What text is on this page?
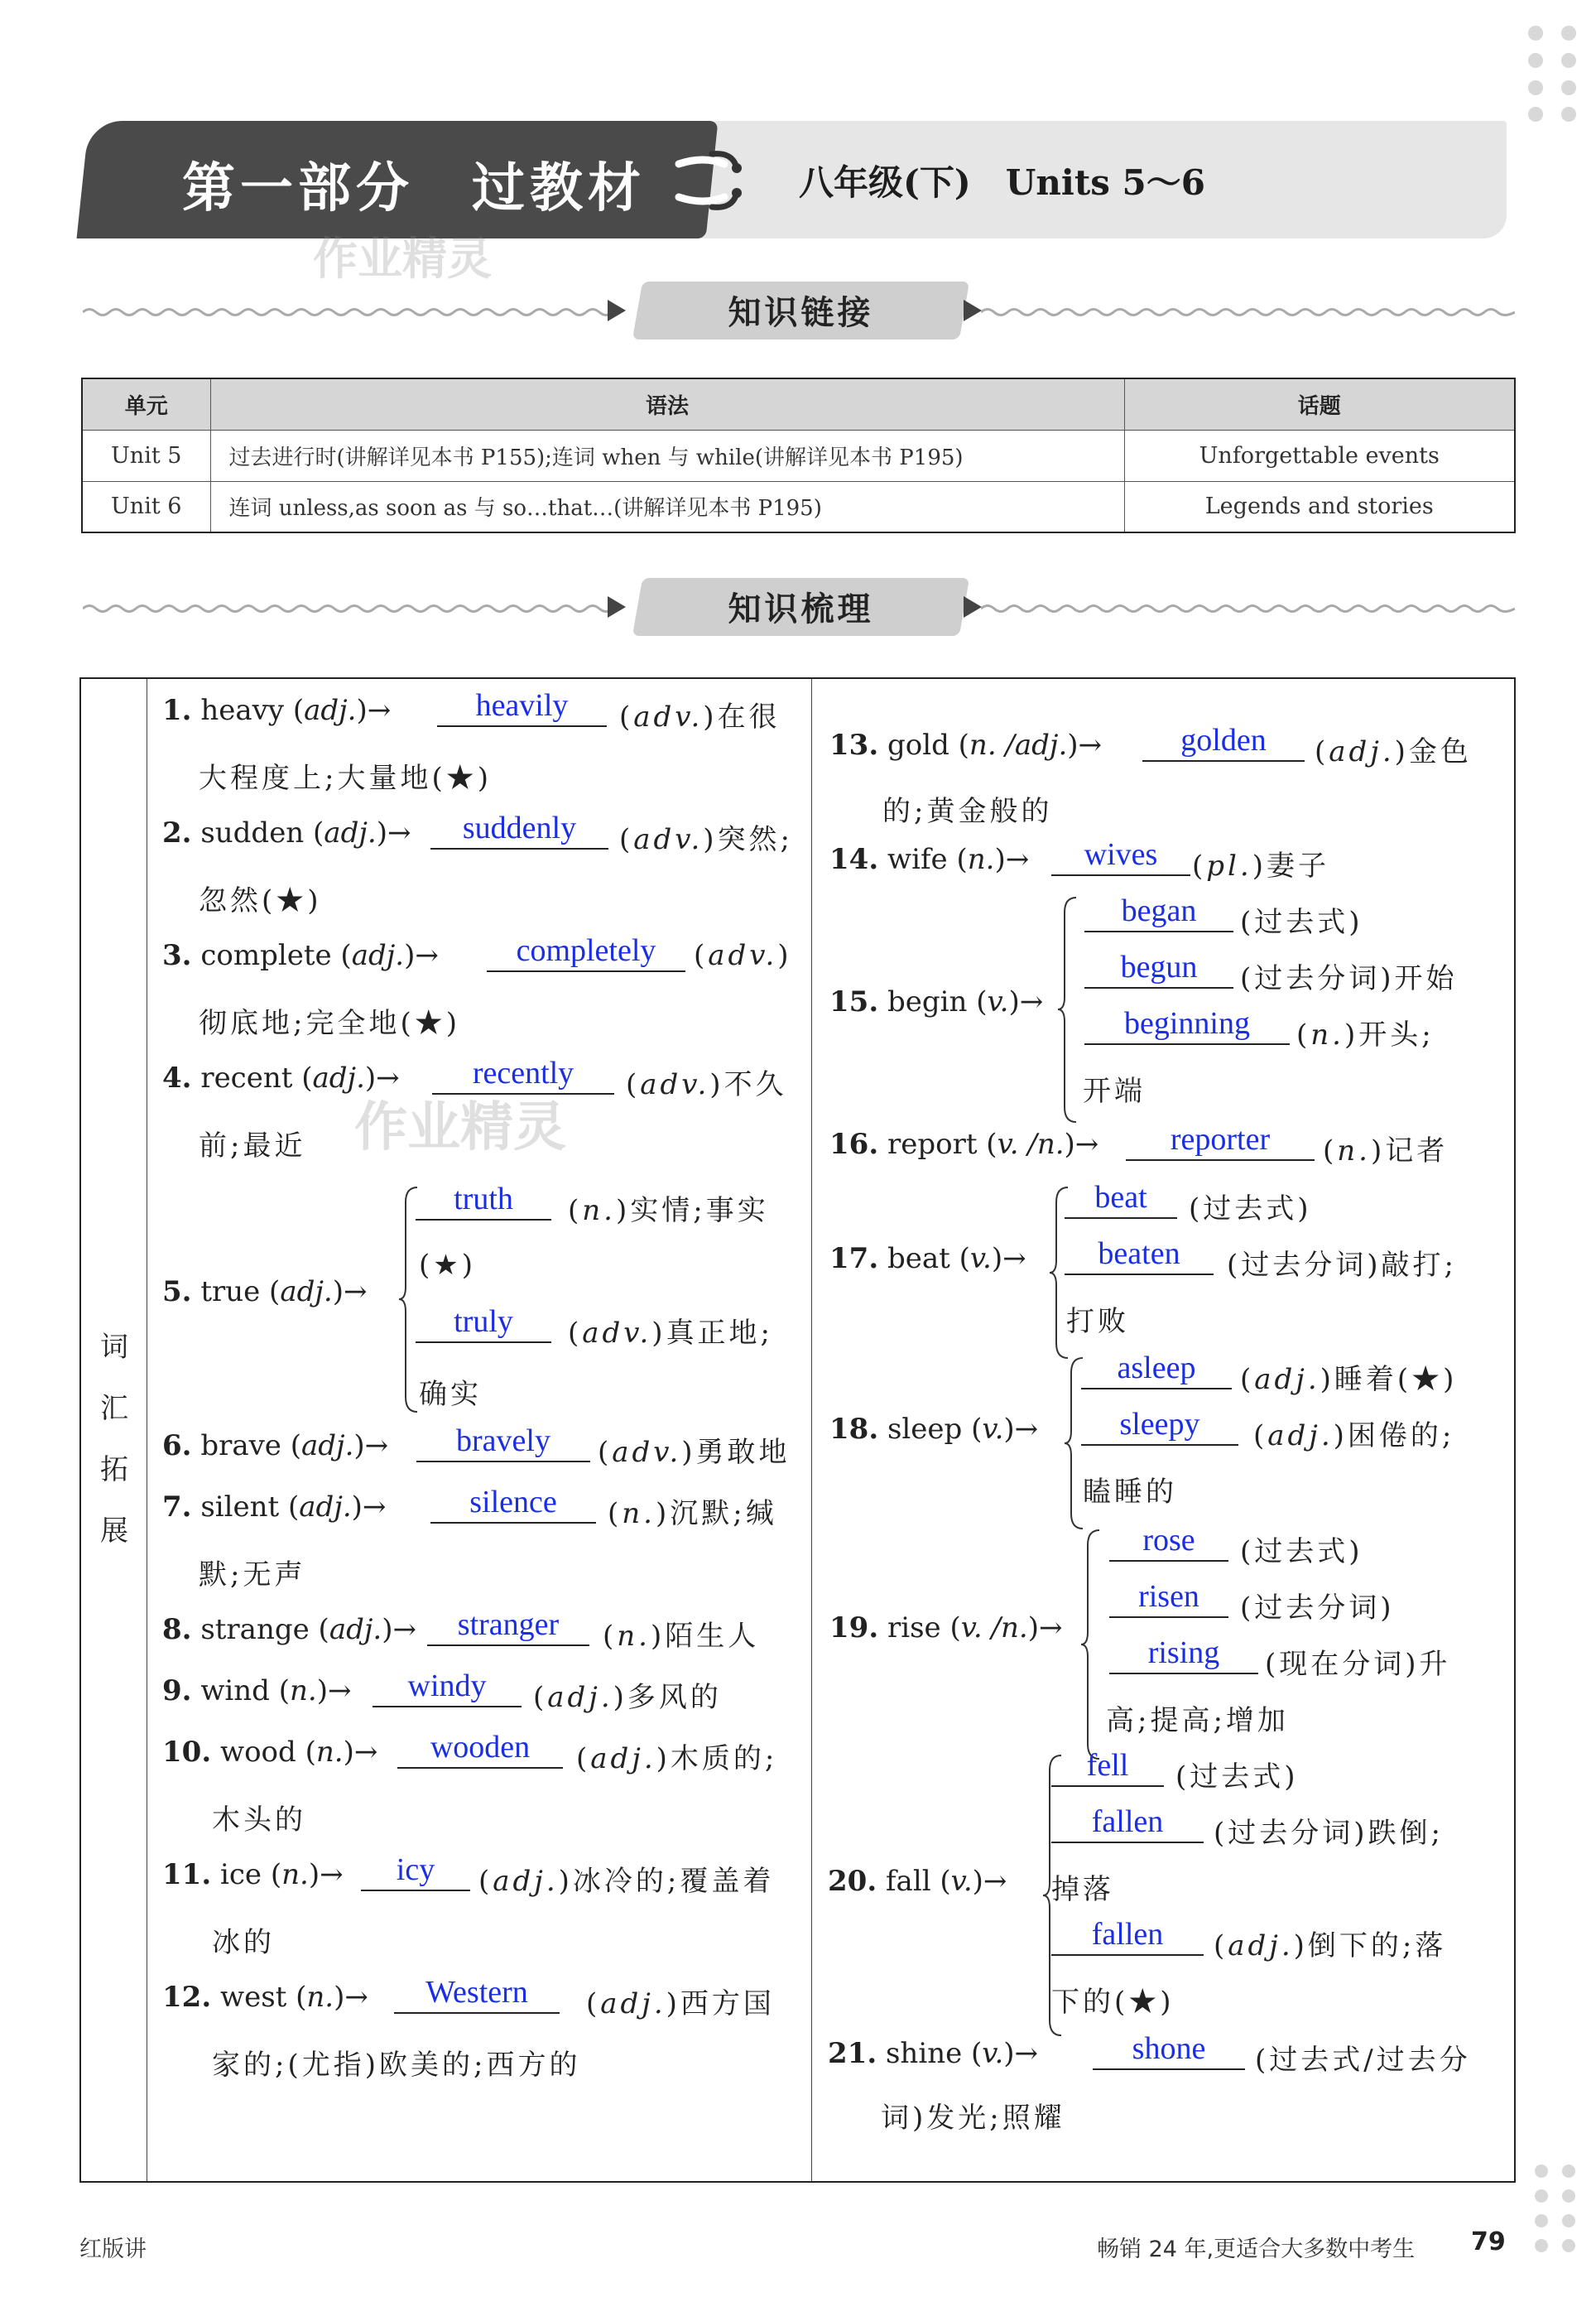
第一部分　过教材	八年级(下)　Units 5～6
作业精灵
知识链接
单元	语法	话题
Unit 5	过去进行时(讲解详见本书 P155);连词 when 与 while(讲解详见本书 P195)	Unforgettable events
Unit 6	连词 unless,as soon as 与 so…that…(讲解详见本书 P195)	Legends and stories
知识梳理
词
汇
拓
展
作业精灵
1. heavy (adj.)→	heavily	(adv.)在很
大程度上;大量地(★)
2. sudden (adj.)→	suddenly	(adv.)突然;
忽然(★)
3. complete (adj.)→	completely	(adv.)
彻底地;完全地(★)
4. recent (adj.)→	recently	(adv.)不久
前;最近
5. true (adj.)→
truth	(n.)实情;事实
(★)
truly	(adv.)真正地;
确实
6. brave (adj.)→	bravely	(adv.)勇敢地
7. silent (adj.)→	silence	(n.)沉默;缄
默;无声
8. strange (adj.)→	stranger	(n.)陌生人
9. wind (n.)→	windy	(adj.)多风的
10. wood (n.)→	wooden	(adj.)木质的;
木头的
11. ice (n.)→	icy	(adj.)冰冷的;覆盖着
冰的
12. west (n.)→	Western	(adj.)西方国
家的;(尤指)欧美的;西方的
13. gold (n. /adj.)→	golden	(adj.)金色
的;黄金般的
14. wife (n.)→	wives	(pl.)妻子
15. begin (v.)→
began	(过去式)
begun	(过去分词)开始
beginning	(n.)开头;
开端
16. report (v. /n.)→	reporter	(n.)记者
17. beat (v.)→
beat	(过去式)
beaten	(过去分词)敲打;
打败
18. sleep (v.)→
asleep	(adj.)睡着(★)
sleepy	(adj.)困倦的;
瞌睡的
19. rise (v. /n.)→
rose	(过去式)
risen	(过去分词)
rising	(现在分词)升
高;提高;增加
20. fall (v.)→
fell	(过去式)
fallen	(过去分词)跌倒;
掉落
fallen	(adj.)倒下的;落
下的(★)
21. shine (v.)→	shone	(过去式/过去分
词)发光;照耀
红版讲	畅销 24 年,更适合大多数中考生 79
